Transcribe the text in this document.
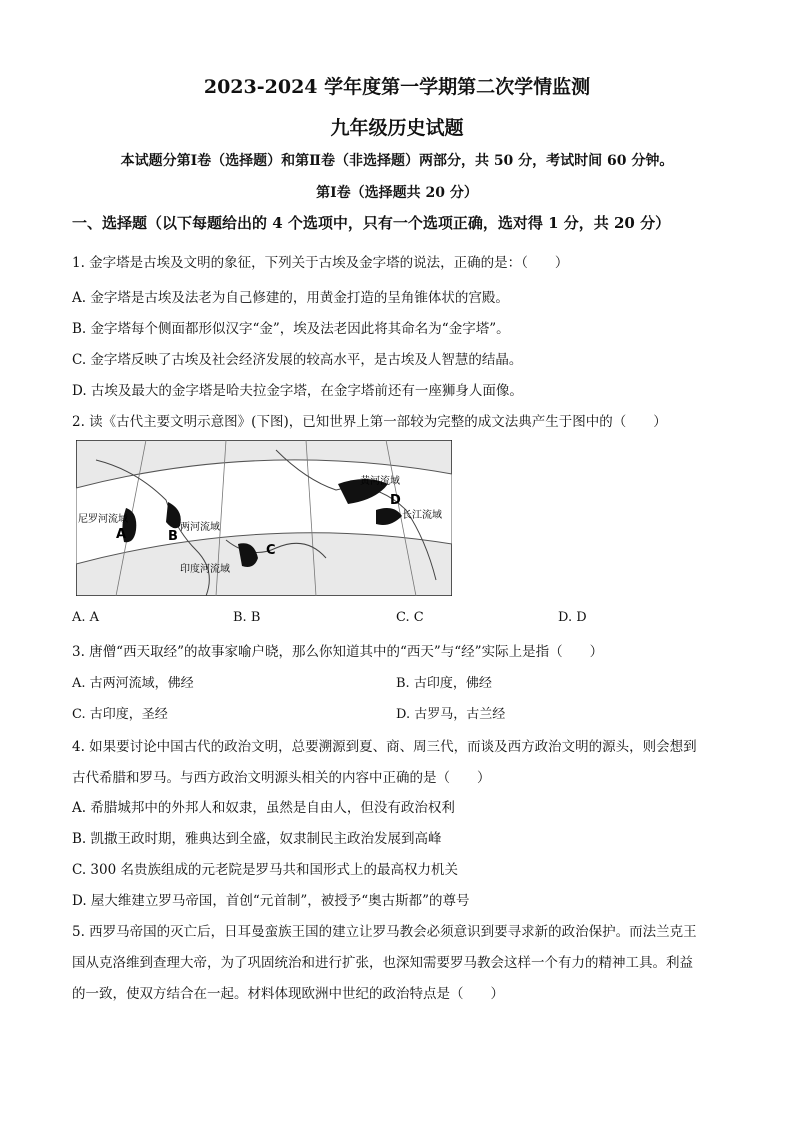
2023-2024 学年度第一学期第二次学情监测
九年级历史试题
本试题分第Ⅰ卷（选择题）和第Ⅱ卷（非选择题）两部分，共 50 分，考试时间 60 分钟。
第Ⅰ卷（选择题共 20 分）
一、选择题（以下每题给出的 4 个选项中，只有一个选项正确，选对得 1 分，共 20 分）
1. 金字塔是古埃及文明的象征，下列关于古埃及金字塔的说法，正确的是：（　　）
A. 金字塔是古埃及法老为自己修建的，用黄金打造的呈角锥体状的宫殿。
B. 金字塔每个侧面都形似汉字“金”，埃及法老因此将其命名为“金字塔”。
C. 金字塔反映了古埃及社会经济发展的较高水平，是古埃及人智慧的结晶。
D. 古埃及最大的金字塔是哈夫拉金字塔，在金字塔前还有一座狮身人面像。
2. 读《古代主要文明示意图》(下图)，已知世界上第一部较为完整的成文法典产生于图中的（　　）
尼罗河流域
两河流域
印度河流域
黄河流域
长江流域
A	B
C
D
A. A	B. B	C. C	D. D
3. 唐僧“西天取经”的故事家喻户晓，那么你知道其中的“西天”与“经”实际上是指（　　）
A. 古两河流域，佛经	B. 古印度，佛经
C. 古印度，圣经	D. 古罗马，古兰经
4. 如果要讨论中国古代的政治文明，总要溯源到夏、商、周三代，而谈及西方政治文明的源头，则会想到
古代希腊和罗马。与西方政治文明源头相关的内容中正确的是（　　）
A. 希腊城邦中的外邦人和奴隶，虽然是自由人，但没有政治权利
B. 凯撒王政时期，雅典达到全盛，奴隶制民主政治发展到高峰
C. 300 名贵族组成的元老院是罗马共和国形式上的最高权力机关
D. 屋大维建立罗马帝国，首创“元首制”，被授予“奥古斯都”的尊号
5. 西罗马帝国的灭亡后，日耳曼蛮族王国的建立让罗马教会必须意识到要寻求新的政治保护。而法兰克王
国从克洛维到查理大帝，为了巩固统治和进行扩张，也深知需要罗马教会这样一个有力的精神工具。利益
的一致，使双方结合在一起。材料体现欧洲中世纪的政治特点是（　　）
